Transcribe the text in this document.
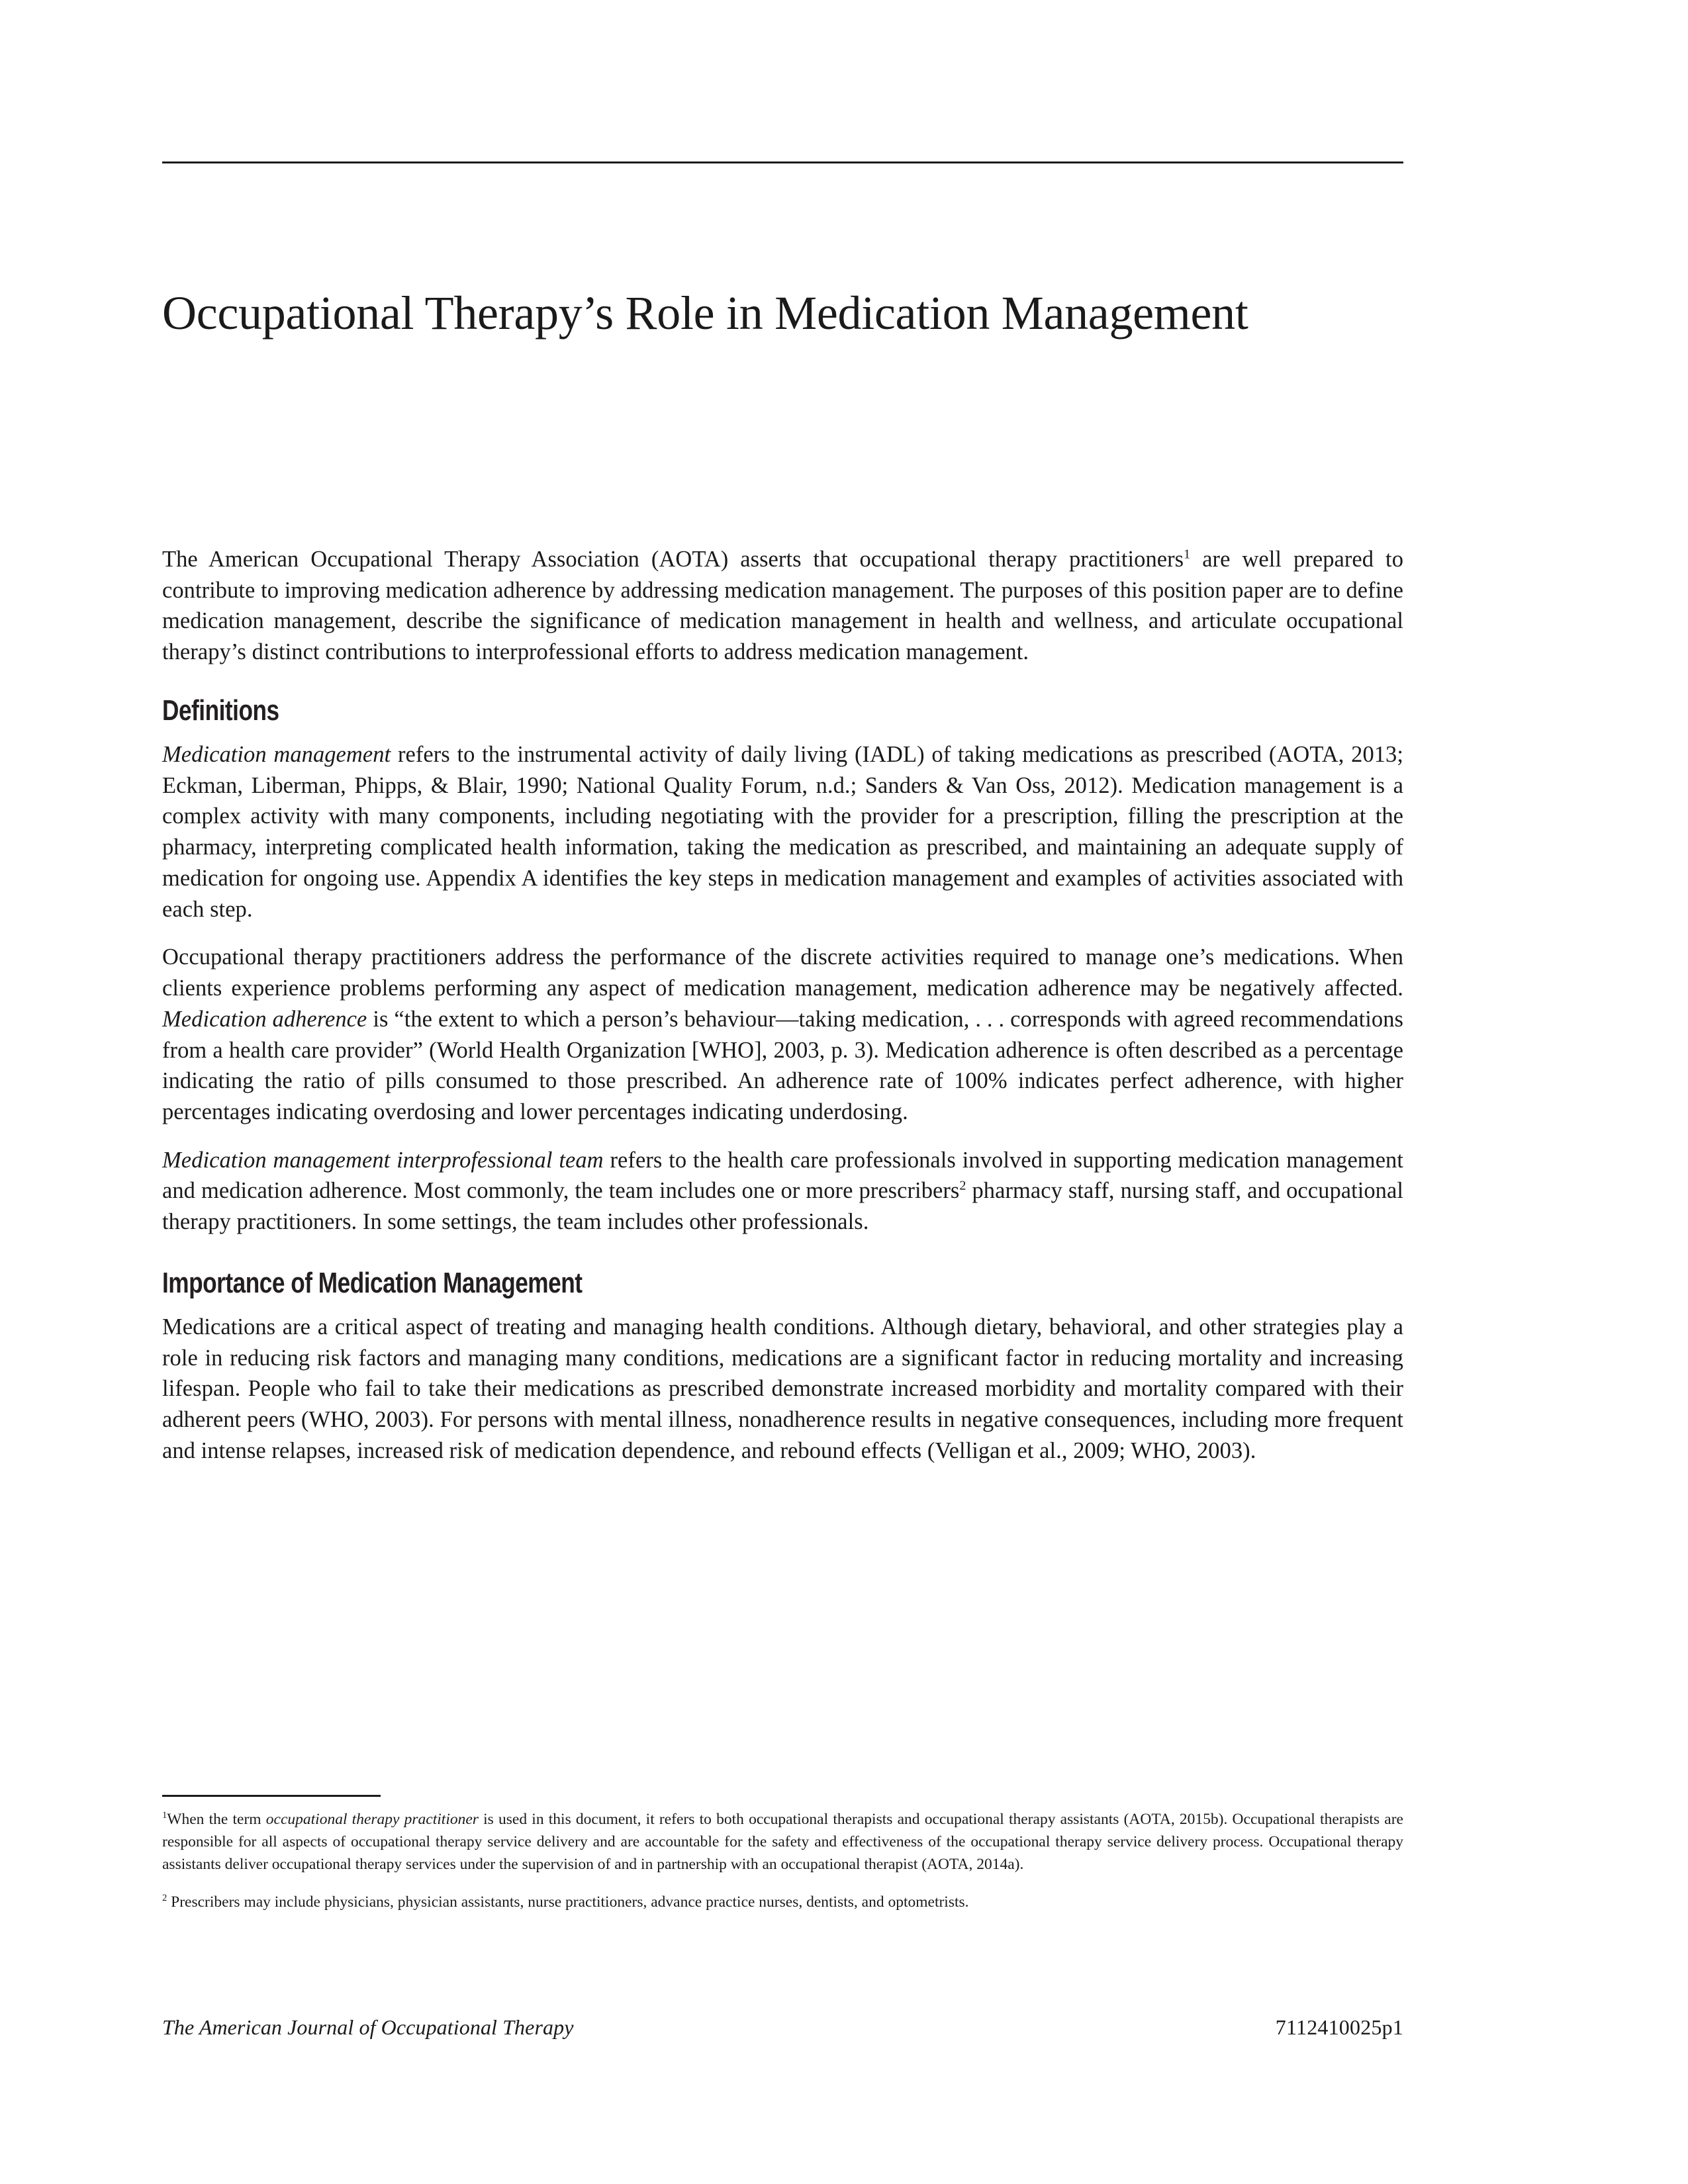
Occupational Therapy’s Role in Medication Management

The American Occupational Therapy Association (AOTA) asserts that occupational therapy practitioners$^1$ are well prepared to contribute to improving medication adherence by addressing medication management. The purposes of this position paper are to define medication management, describe the significance of medication management in health and wellness, and articulate occupational therapy’s distinct contributions to interprofessional efforts to address medication management.

Definitions

Medication management refers to the instrumental activity of daily living (IADL) of taking medications as prescribed (AOTA, 2013; Eckman, Liberman, Phipps, & Blair, 1990; National Quality Forum, n.d.; Sanders & Van Oss, 2012). Medication management is a complex activity with many components, including negotiating with the provider for a prescription, filling the prescription at the pharmacy, interpreting complicated health information, taking the medication as prescribed, and maintaining an adequate supply of medication for ongoing use. Appendix A identifies the key steps in medication management and examples of activities associated with each step.

Occupational therapy practitioners address the performance of the discrete activities required to manage one’s medications. When clients experience problems performing any aspect of medication management, medication adherence may be negatively affected. Medication adherence is “the extent to which a person’s behaviour—taking medication, . . . corresponds with agreed recommendations from a health care provider” (World Health Organization [WHO], 2003, p. 3). Medication adherence is often described as a percentage indicating the ratio of pills consumed to those prescribed. An adherence rate of 100% indicates perfect adherence, with higher percentages indicating overdosing and lower percentages indicating underdosing.

Medication management interprofessional team refers to the health care professionals involved in supporting medication management and medication adherence. Most commonly, the team includes one or more prescribers$^2$ pharmacy staff, nursing staff, and occupational therapy practitioners. In some settings, the team includes other professionals.

Importance of Medication Management

Medications are a critical aspect of treating and managing health conditions. Although dietary, behavioral, and other strategies play a role in reducing risk factors and managing many conditions, medications are a significant factor in reducing mortality and increasing lifespan. People who fail to take their medications as prescribed demonstrate increased morbidity and mortality compared with their adherent peers (WHO, 2003). For persons with mental illness, nonadherence results in negative consequences, including more frequent and intense relapses, increased risk of medication dependence, and rebound effects (Velligan et al., 2009; WHO, 2003).

$^1$When the term occupational therapy practitioner is used in this document, it refers to both occupational therapists and occupational therapy assistants (AOTA, 2015b). Occupational therapists are responsible for all aspects of occupational therapy service delivery and are accountable for the safety and effectiveness of the occupational therapy service delivery process. Occupational therapy assistants deliver occupational therapy services under the supervision of and in partnership with an occupational therapist (AOTA, 2014a).

$^2$ Prescribers may include physicians, physician assistants, nurse practitioners, advance practice nurses, dentists, and optometrists.

The American Journal of Occupational Therapy	7112410025p1
